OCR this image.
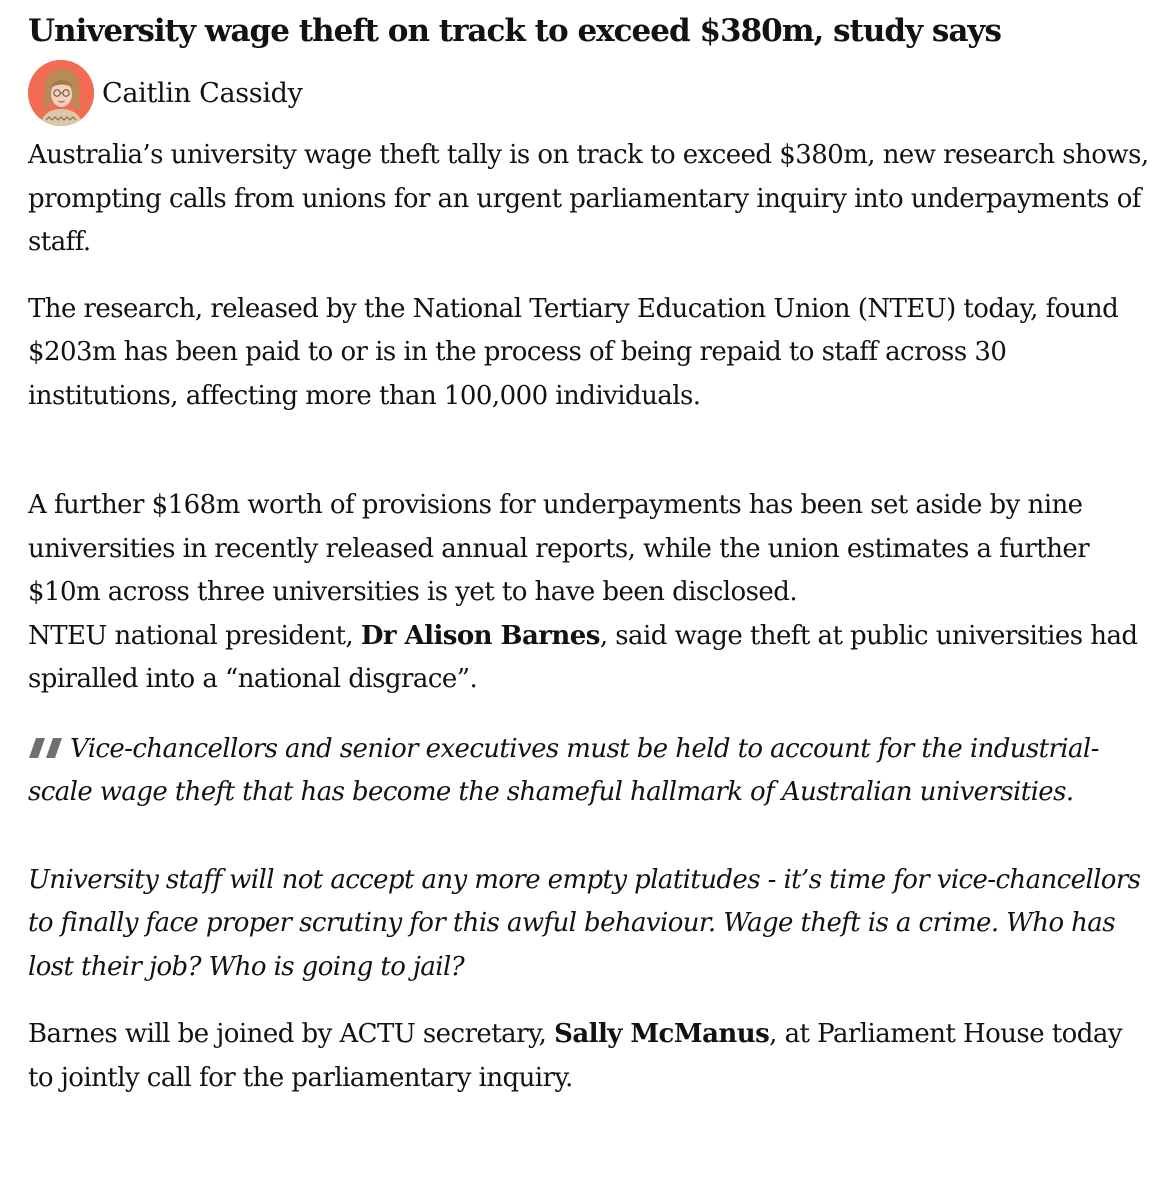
University wage theft on track to exceed $380m, study says
Caitlin Cassidy

Australia’s university wage theft tally is on track to exceed $380m, new research shows, prompting calls from unions for an urgent parliamentary inquiry into underpayments of staff.

The research, released by the National Tertiary Education Union (NTEU) today, found $203m has been paid to or is in the process of being repaid to staff across 30 institutions, affecting more than 100,000 individuals.

A further $168m worth of provisions for underpayments has been set aside by nine universities in recently released annual reports, while the union estimates a further $10m across three universities is yet to have been disclosed.

NTEU national president, Dr Alison Barnes, said wage theft at public universities had spiralled into a “national disgrace”.

Vice-chancellors and senior executives must be held to account for the industrial-scale wage theft that has become the shameful hallmark of Australian universities.

University staff will not accept any more empty platitudes - it’s time for vice-chancellors to finally face proper scrutiny for this awful behaviour. Wage theft is a crime. Who has lost their job? Who is going to jail?

Barnes will be joined by ACTU secretary, Sally McManus, at Parliament House today to jointly call for the parliamentary inquiry.
